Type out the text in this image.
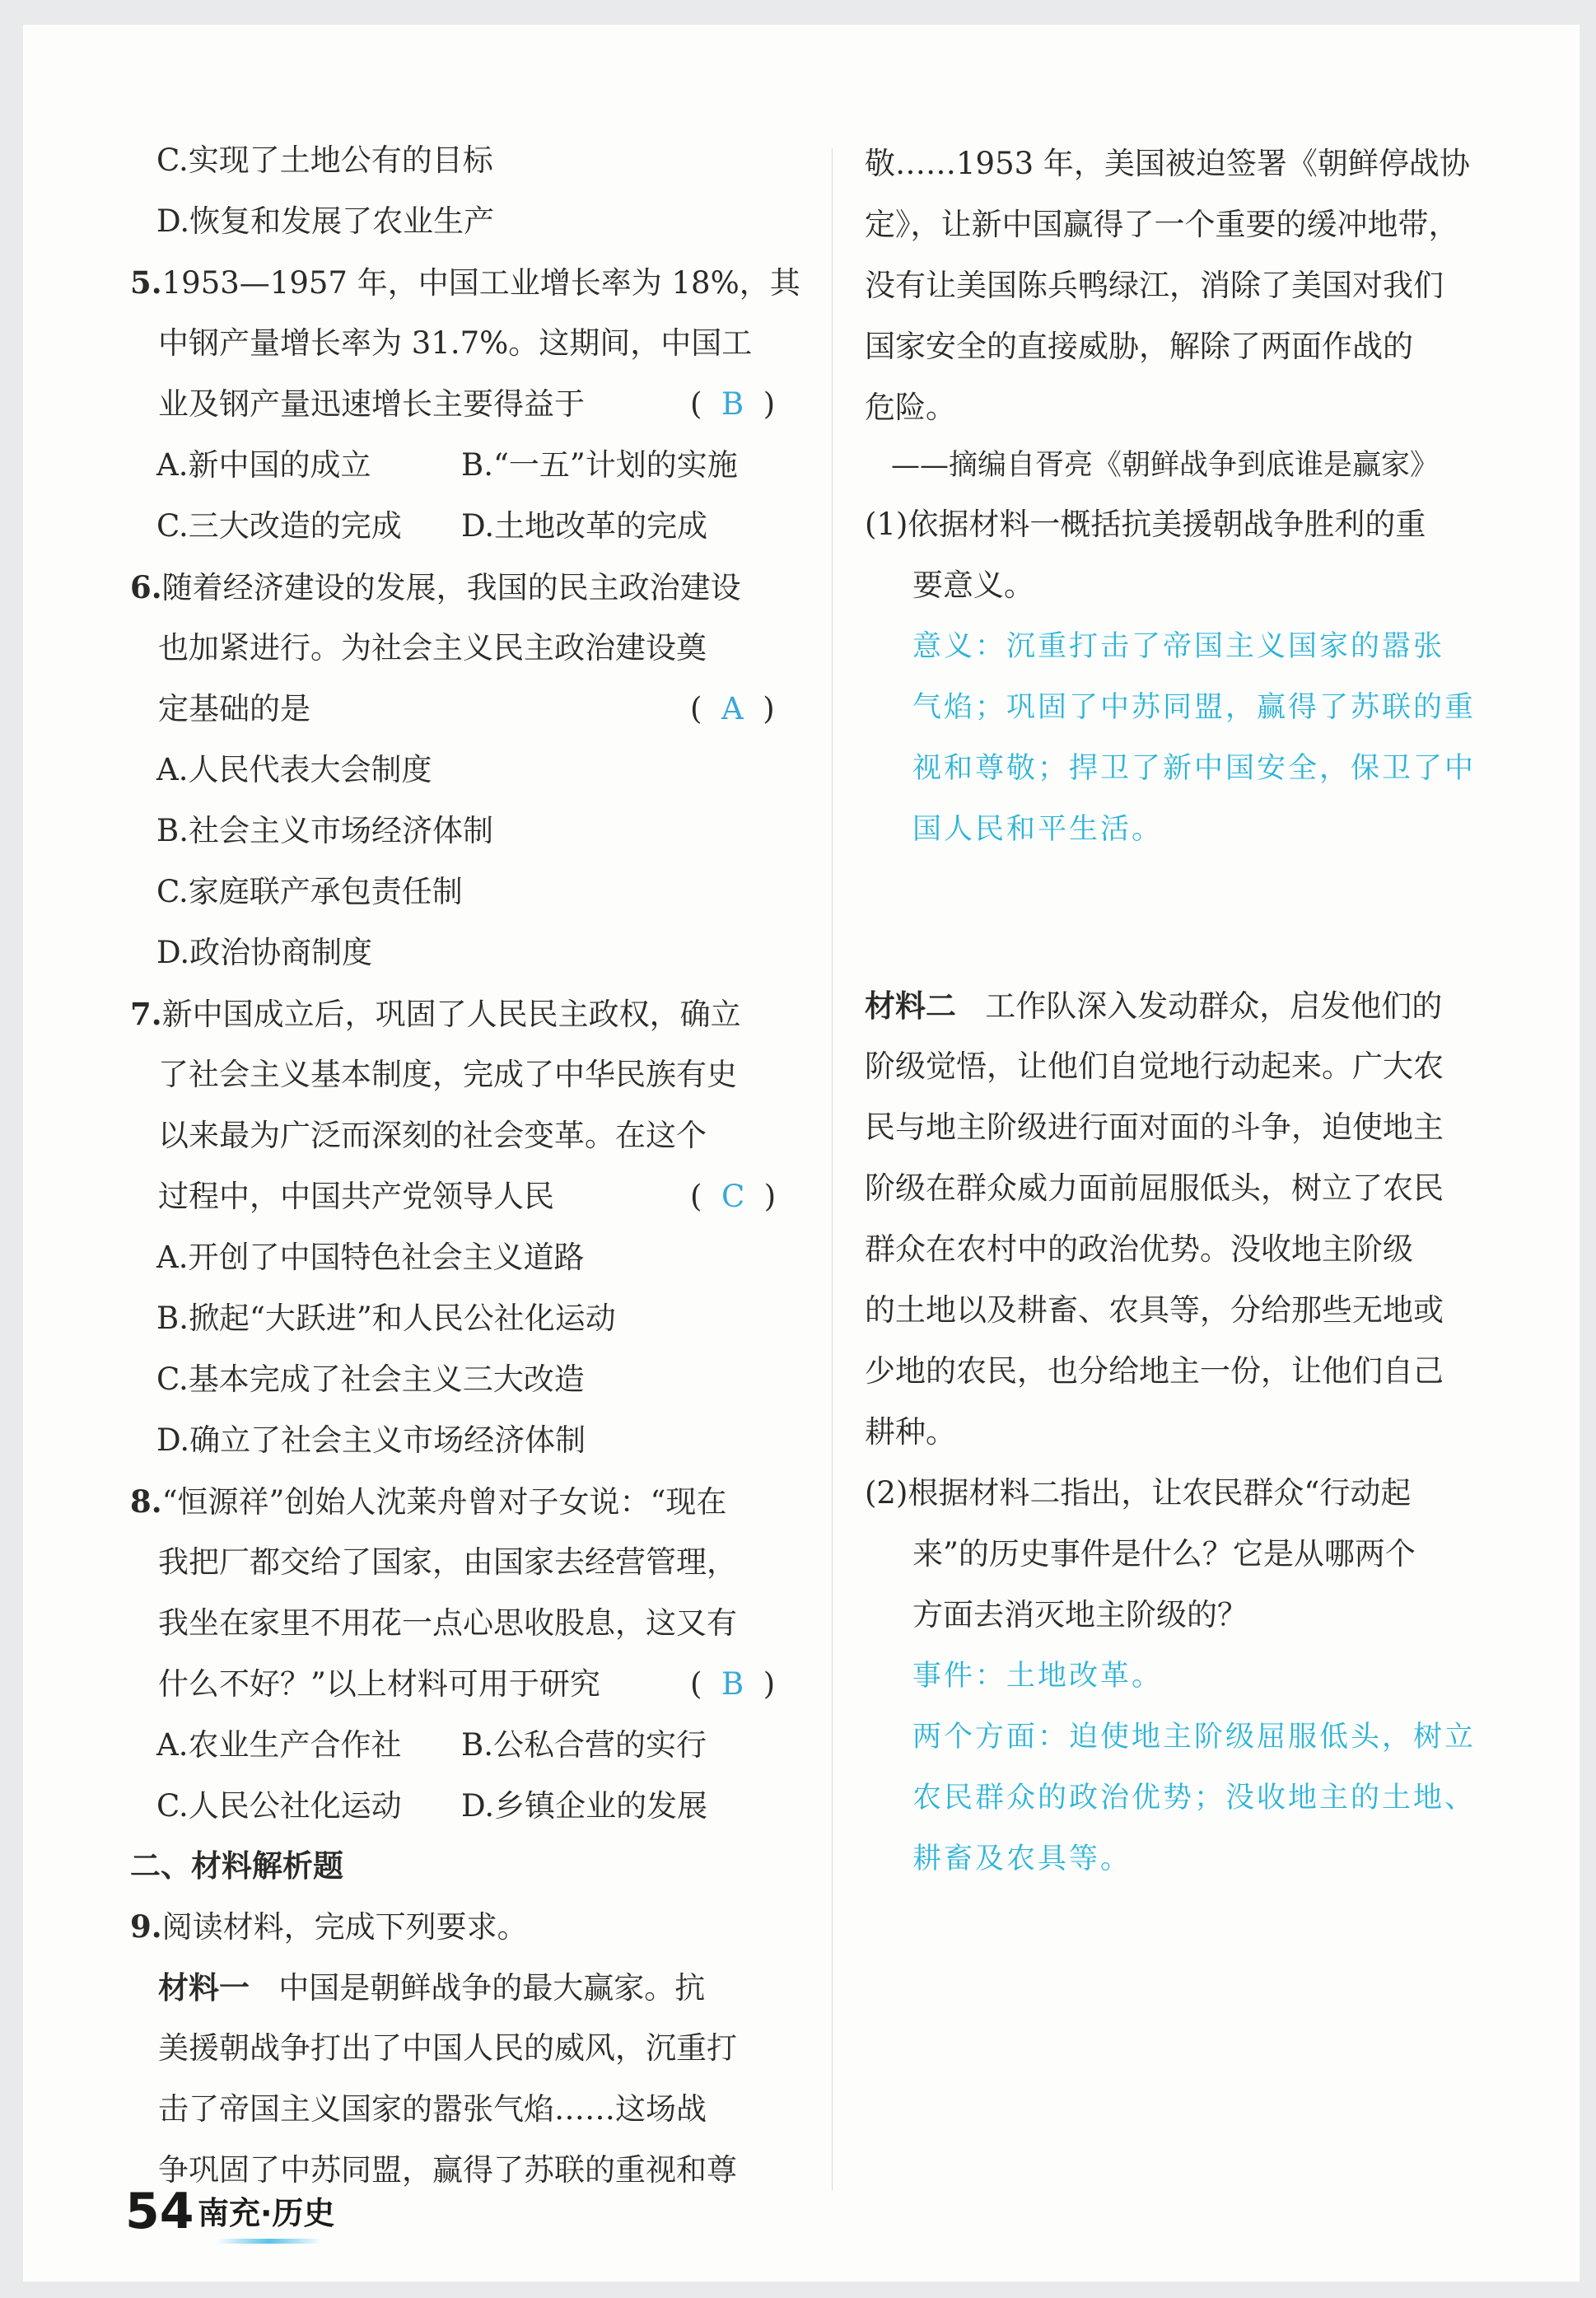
C.实现了土地公有的目标
D.恢复和发展了农业生产
5.1953—1957 年，中国工业增长率为 18%，其
中钢产量增长率为 31.7%。这期间，中国工
业及钢产量迅速增长主要得益于	(  B  )
A.新中国的成立	B.“一五”计划的实施
C.三大改造的完成 D.土地改革的完成
6.随着经济建设的发展，我国的民主政治建设
也加紧进行。为社会主义民主政治建设奠
定基础的是	(  A  )
A.人民代表大会制度
B.社会主义市场经济体制
C.家庭联产承包责任制
D.政治协商制度
7.新中国成立后，巩固了人民民主政权，确立
了社会主义基本制度，完成了中华民族有史
以来最为广泛而深刻的社会变革。在这个
过程中，中国共产党领导人民	(  C  )
A.开创了中国特色社会主义道路
B.掀起“大跃进”和人民公社化运动
C.基本完成了社会主义三大改造
D.确立了社会主义市场经济体制
8.“恒源祥”创始人沈莱舟曾对子女说：“现在
我把厂都交给了国家，由国家去经营管理，
我坐在家里不用花一点心思收股息，这又有
什么不好？”以上材料可用于研究	(  B  )
A.农业生产合作社 B.公私合营的实行
C.人民公社化运动 D.乡镇企业的发展
二、材料解析题
9.阅读材料，完成下列要求。
材料一 中国是朝鲜战争的最大赢家。抗
美援朝战争打出了中国人民的威风，沉重打
击了帝国主义国家的嚣张气焰……这场战
争巩固了中苏同盟，赢得了苏联的重视和尊
敬……1953 年，美国被迫签署《朝鲜停战协
定》，让新中国赢得了一个重要的缓冲地带，
没有让美国陈兵鸭绿江，消除了美国对我们
国家安全的直接威胁，解除了两面作战的
危险。
——摘编自胥亮《朝鲜战争到底谁是赢家》
(1)依据材料一概括抗美援朝战争胜利的重
要意义。
意义：沉重打击了帝国主义国家的嚣张
气焰；巩固了中苏同盟，赢得了苏联的重
视和尊敬；捍卫了新中国安全，保卫了中
国人民和平生活。
材料二 工作队深入发动群众，启发他们的
阶级觉悟，让他们自觉地行动起来。广大农
民与地主阶级进行面对面的斗争，迫使地主
阶级在群众威力面前屈服低头，树立了农民
群众在农村中的政治优势。没收地主阶级
的土地以及耕畜、农具等，分给那些无地或
少地的农民，也分给地主一份，让他们自己
耕种。
(2)根据材料二指出，让农民群众“行动起
来”的历史事件是什么？它是从哪两个
方面去消灭地主阶级的？
事件：土地改革。
两个方面：迫使地主阶级屈服低头，树立
农民群众的政治优势；没收地主的土地、
耕畜及农具等。
54 南充·历史
